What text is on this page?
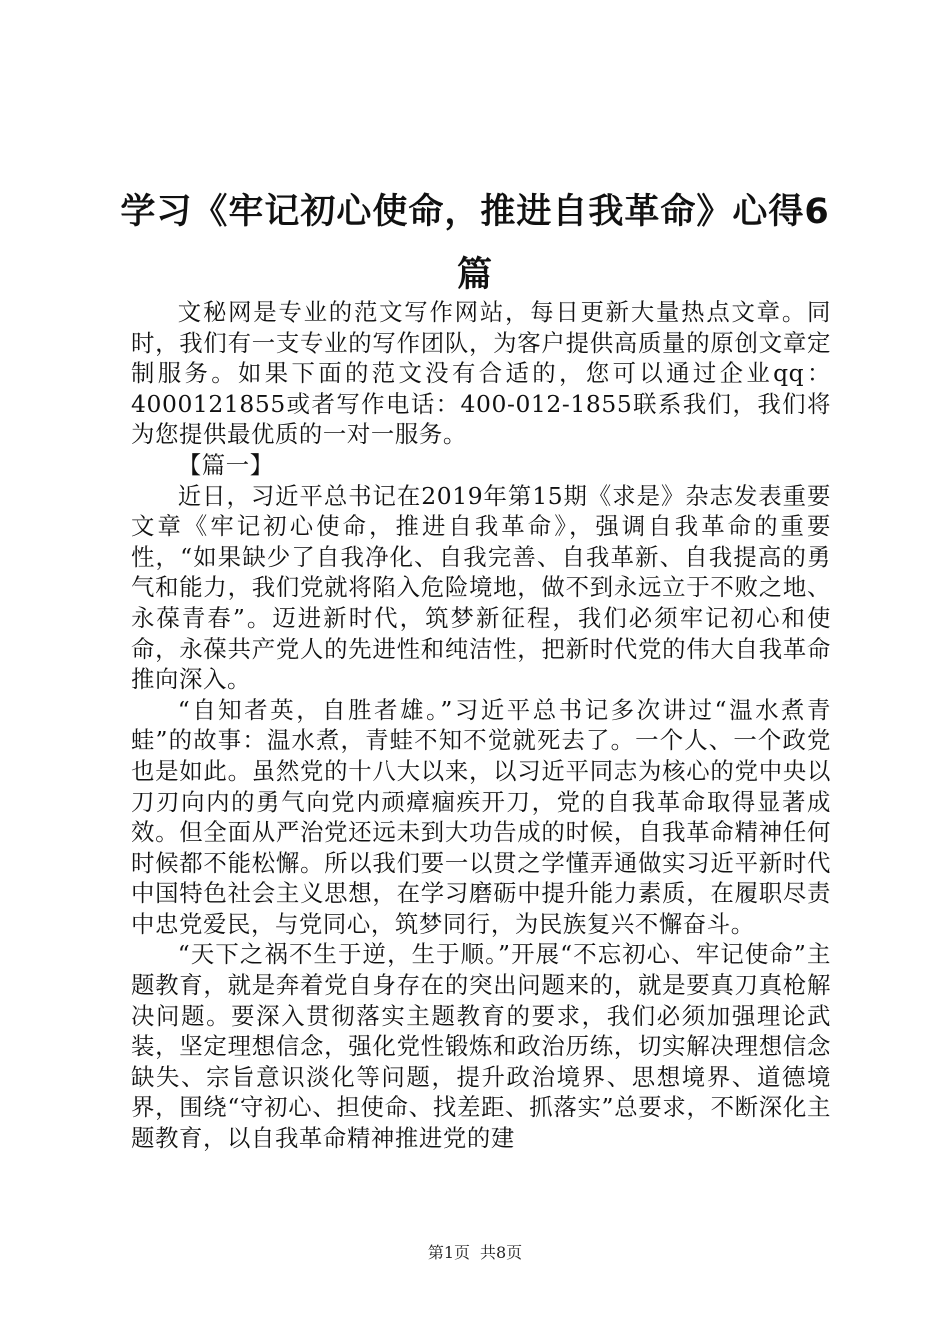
学习《牢记初心使命，推进自我革命》心得6篇

文秘网是专业的范文写作网站，每日更新大量热点文章。同时，我们有一支专业的写作团队，为客户提供高质量的原创文章定制服务。如果下面的范文没有合适的，您可以通过企业qq：4000121855或者写作电话：400-012-1855联系我们，我们将为您提供最优质的一对一服务。

【篇一】

近日，习近平总书记在2019年第15期《求是》杂志发表重要文章《牢记初心使命，推进自我革命》，强调自我革命的重要性，“如果缺少了自我净化、自我完善、自我革新、自我提高的勇气和能力，我们党就将陷入危险境地，做不到永远立于不败之地、永葆青春”。迈进新时代，筑梦新征程，我们必须牢记初心和使命，永葆共产党人的先进性和纯洁性，把新时代党的伟大自我革命推向深入。

“自知者英，自胜者雄。”习近平总书记多次讲过“温水煮青蛙”的故事：温水煮，青蛙不知不觉就死去了。一个人、一个政党也是如此。虽然党的十八大以来，以习近平同志为核心的党中央以刀刃向内的勇气向党内顽瘴痼疾开刀，党的自我革命取得显著成效。但全面从严治党还远未到大功告成的时候，自我革命精神任何时候都不能松懈。所以我们要一以贯之学懂弄通做实习近平新时代中国特色社会主义思想，在学习磨砺中提升能力素质，在履职尽责中忠党爱民，与党同心，筑梦同行，为民族复兴不懈奋斗。

“天下之祸不生于逆，生于顺。”开展“不忘初心、牢记使命”主题教育，就是奔着党自身存在的突出问题来的，就是要真刀真枪解决问题。要深入贯彻落实主题教育的要求，我们必须加强理论武装，坚定理想信念，强化党性锻炼和政治历练，切实解决理想信念缺失、宗旨意识淡化等问题，提升政治境界、思想境界、道德境界，围绕“守初心、担使命、找差距、抓落实”总要求，不断深化主题教育，以自我革命精神推进党的建

第1页 共8页
